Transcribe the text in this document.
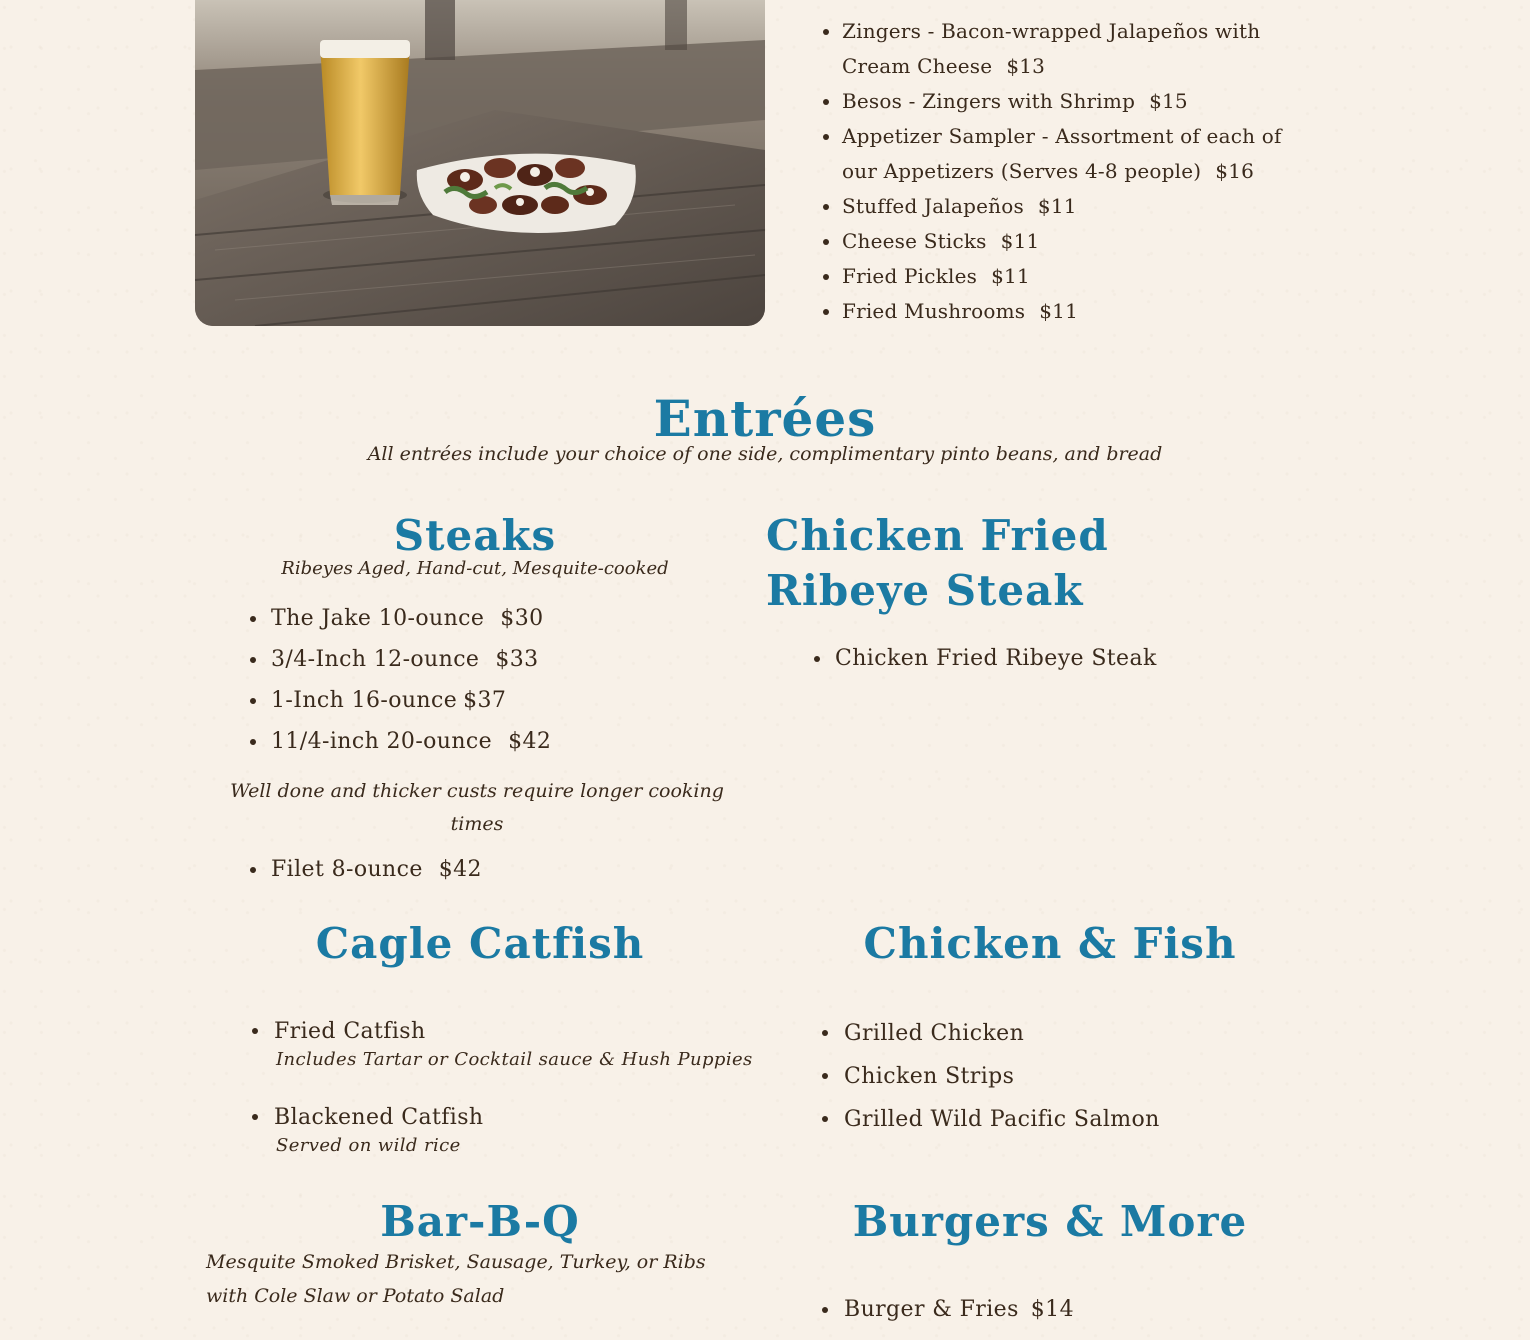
Zingers - Bacon-wrapped Jalapeños with Cream Cheese $13
Besos - Zingers with Shrimp $15
Appetizer Sampler - Assortment of each of our Appetizers (Serves 4-8 people) $16
Stuffed Jalapeños $11
Cheese Sticks $11
Fried Pickles $11
Fried Mushrooms $11
Entrées
All entrées include your choice of one side, complimentary pinto beans, and bread
Steaks
Ribeyes Aged, Hand-cut, Mesquite-cooked
The Jake 10-ounce $30
3/4-Inch 12-ounce $33
1-Inch 16-ounce $37
11/4-inch 20-ounce $42
Well done and thicker custs require longer cooking times
Filet 8-ounce $42
Chicken Fried Ribeye Steak
Chicken Fried Ribeye Steak
Cagle Catfish
Fried Catfish
Includes Tartar or Cocktail sauce & Hush Puppies
Blackened Catfish
Served on wild rice
Chicken & Fish
Grilled Chicken
Chicken Strips
Grilled Wild Pacific Salmon
Bar-B-Q
Mesquite Smoked Brisket, Sausage, Turkey, or Ribs with Cole Slaw or Potato Salad
Burgers & More
Burger & Fries $14
